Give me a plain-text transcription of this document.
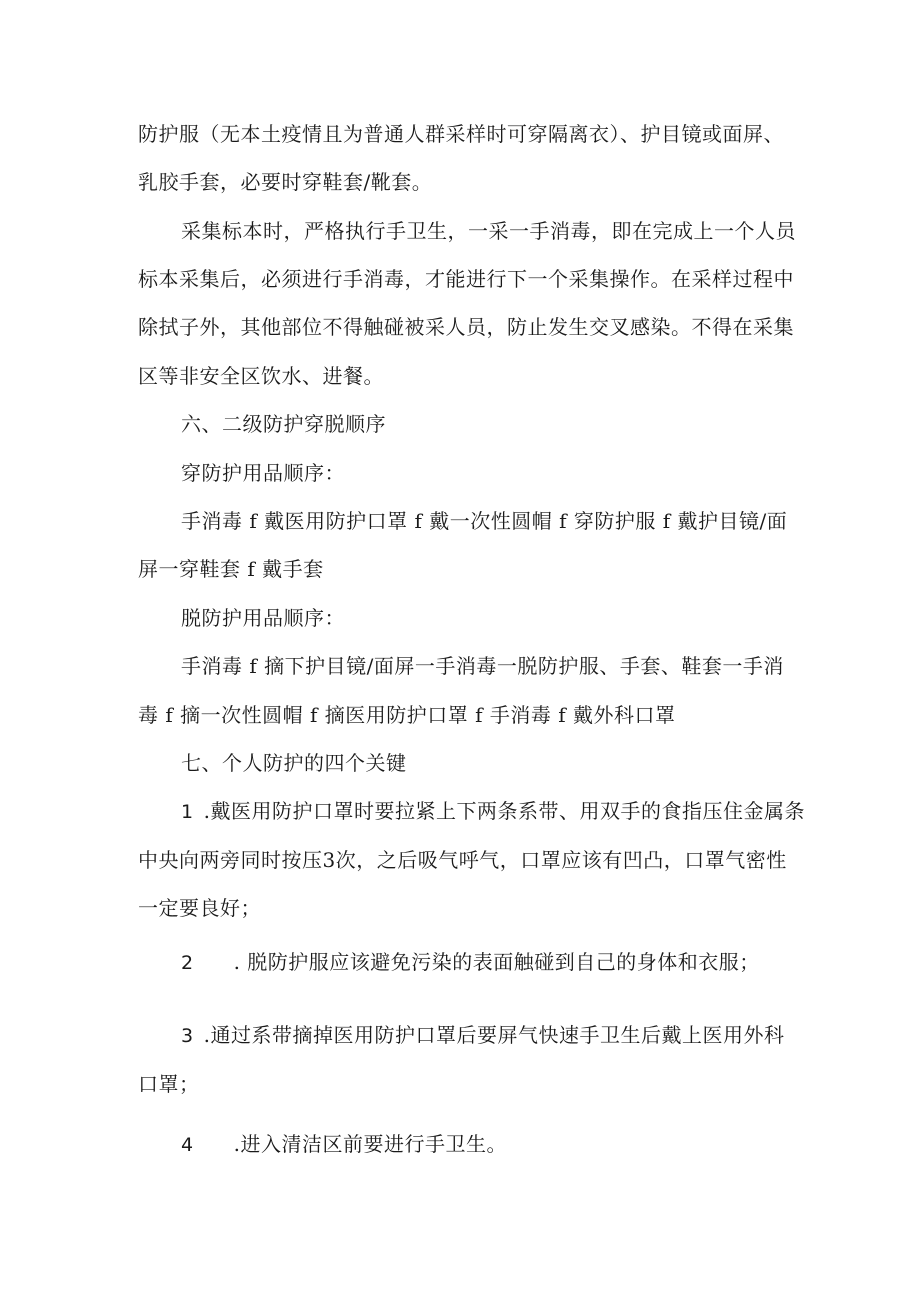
防护服（无本土疫情且为普通人群采样时可穿隔离衣）、护目镜或面屏、
乳胶手套，必要时穿鞋套/靴套。
采集标本时，严格执行手卫生，一采一手消毒，即在完成上一个人员
标本采集后，必须进行手消毒，才能进行下一个采集操作。在采样过程中
除拭子外，其他部位不得触碰被采人员，防止发生交叉感染。不得在采集
区等非安全区饮水、进餐。
六、二级防护穿脱顺序
穿防护用品顺序：
手消毒 f 戴医用防护口罩 f 戴一次性圆帽 f 穿防护服 f 戴护目镜/面
屏一穿鞋套 f 戴手套
脱防护用品顺序：
手消毒 f 摘下护目镜/面屏一手消毒一脱防护服、手套、鞋套一手消
毒 f 摘一次性圆帽 f 摘医用防护口罩 f 手消毒 f 戴外科口罩
七、个人防护的四个关键
1 .戴医用防护口罩时要拉紧上下两条系带、用双手的食指压住金属条
中央向两旁同时按压3次，之后吸气呼气，口罩应该有凹凸，口罩气密性
一定要良好；
2 . 脱防护服应该避免污染的表面触碰到自己的身体和衣服；
3 .通过系带摘掉医用防护口罩后要屏气快速手卫生后戴上医用外科
口罩；
4 .进入清洁区前要进行手卫生。
